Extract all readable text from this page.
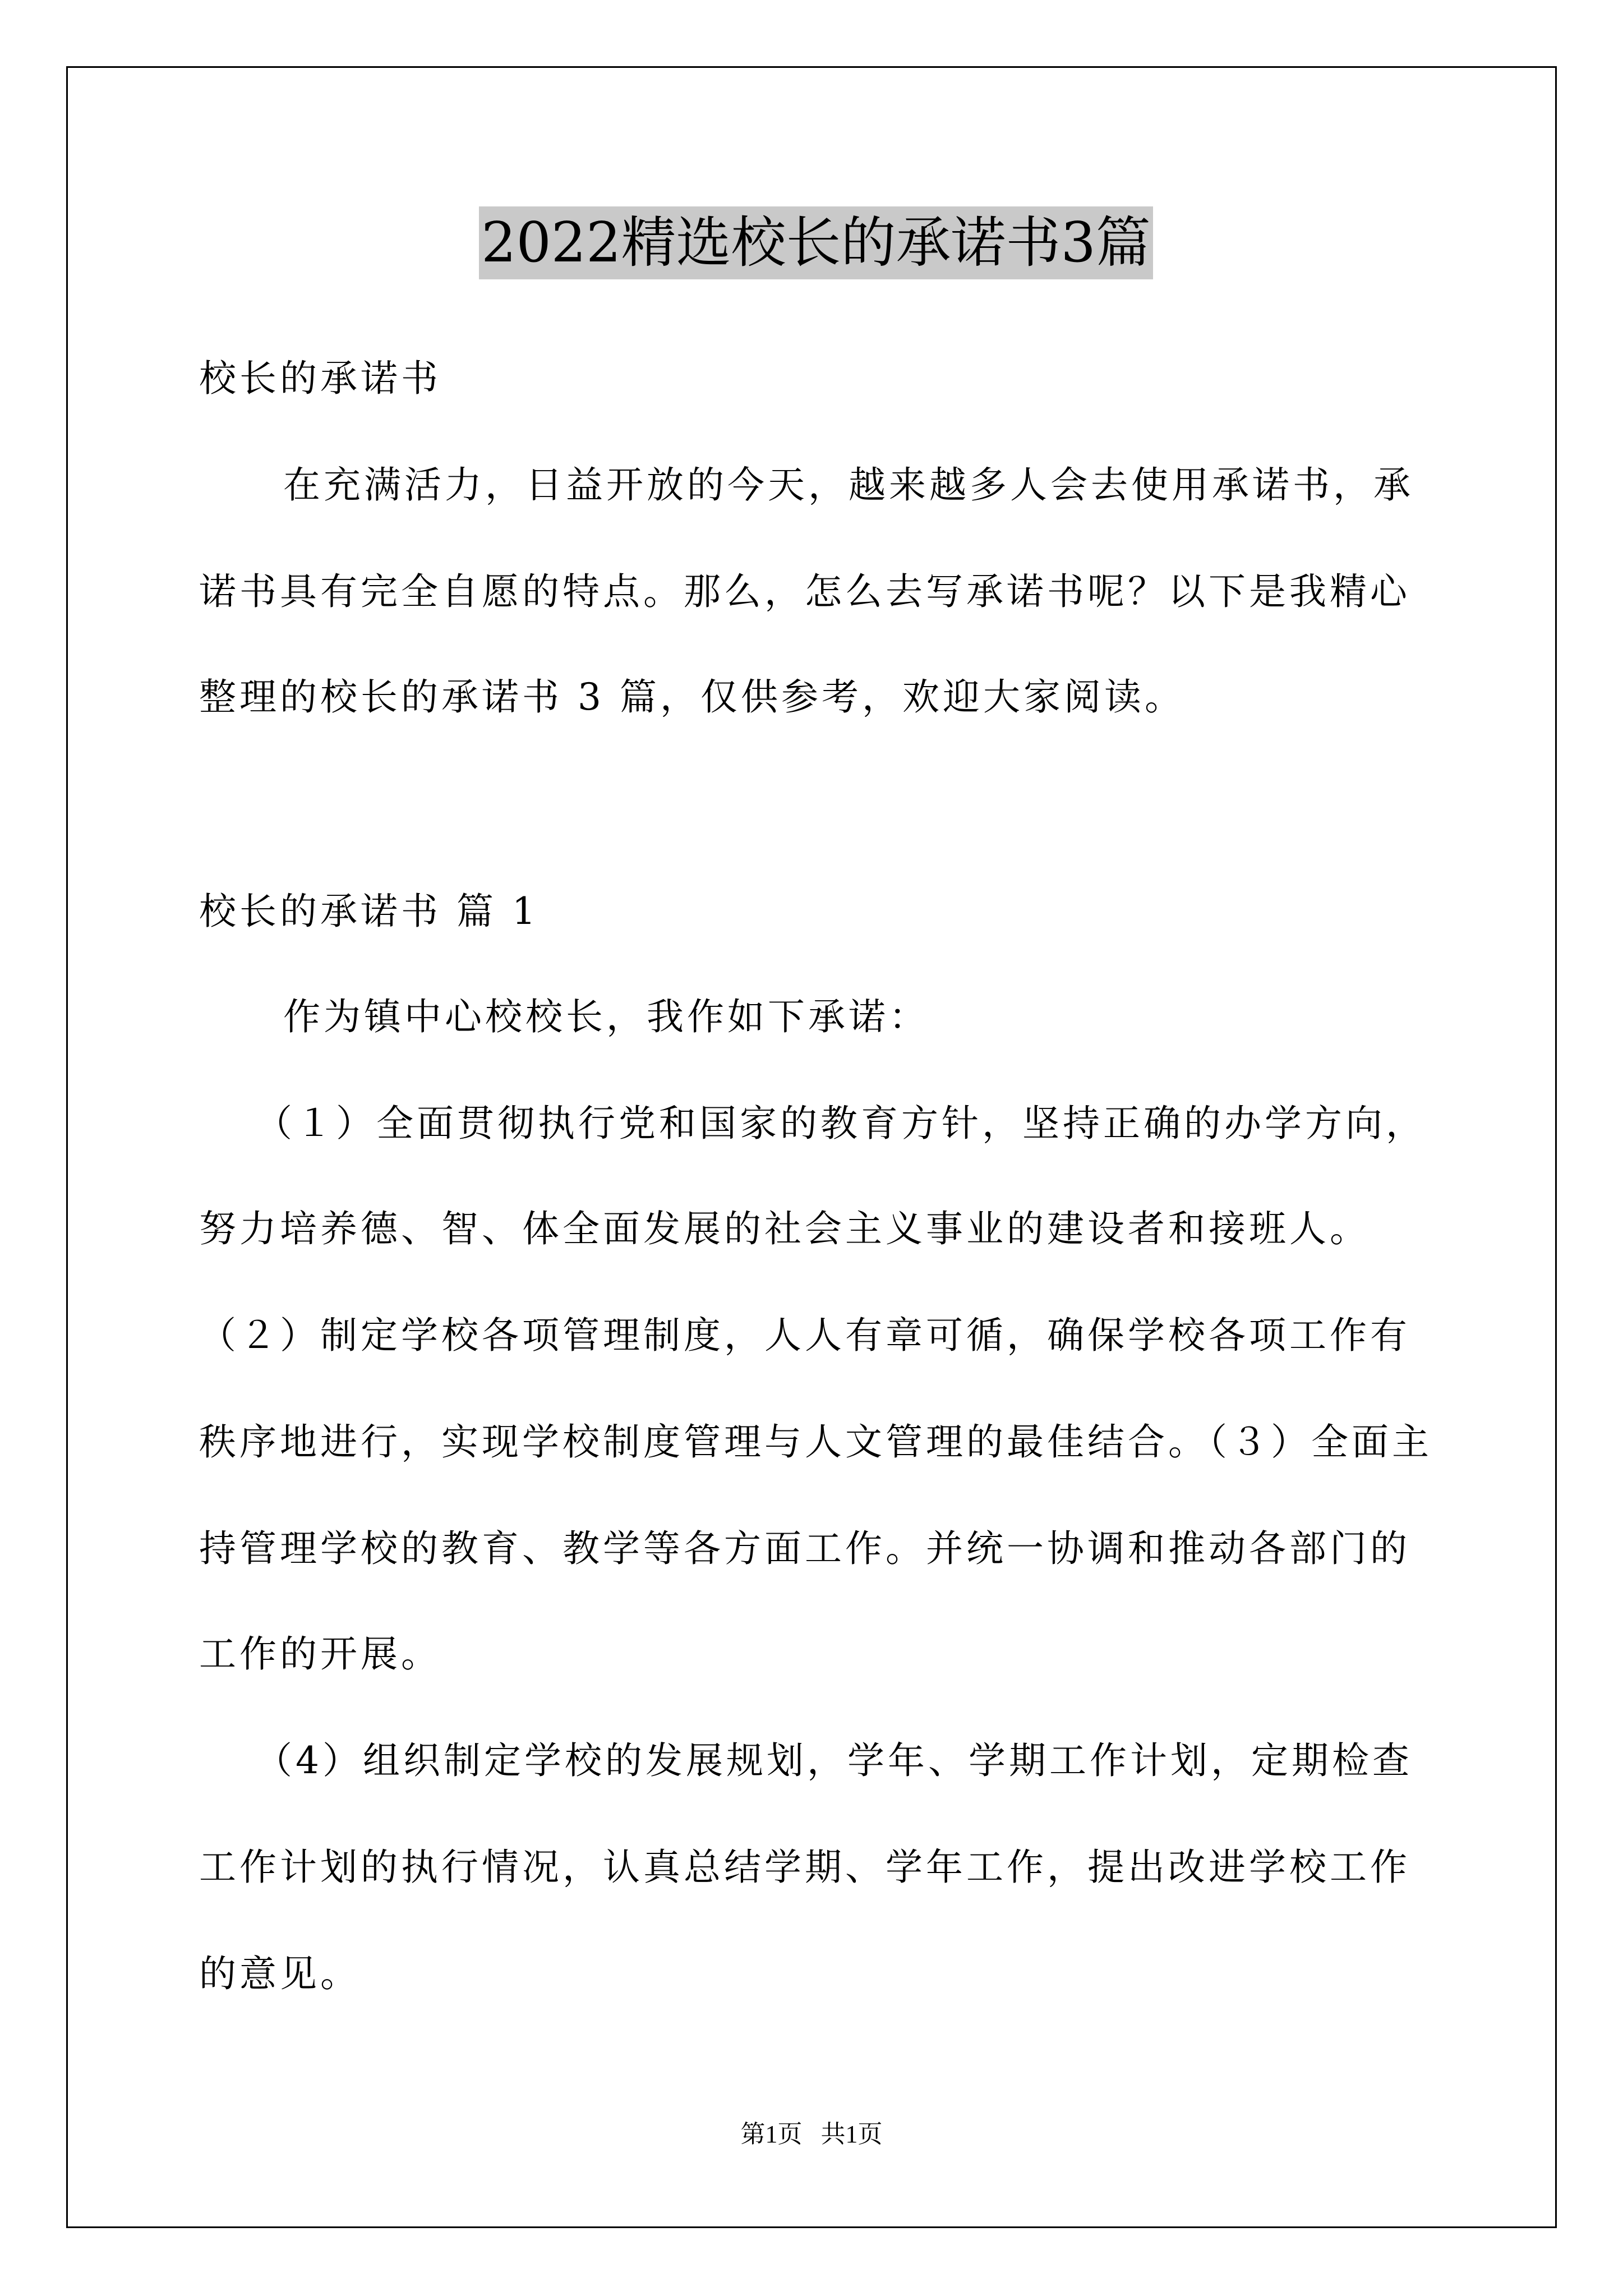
2022精选校长的承诺书3篇
校长的承诺书
在充满活力，日益开放的今天，越来越多人会去使用承诺书，承
诺书具有完全自愿的特点。那么，怎么去写承诺书呢？以下是我精心
整理的校长的承诺书 3 篇，仅供参考，欢迎大家阅读。
校长的承诺书 篇 1
作为镇中心校校长，我作如下承诺：
（１）全面贯彻执行党和国家的教育方针，坚持正确的办学方向，
努力培养德、智、体全面发展的社会主义事业的建设者和接班人。
（２）制定学校各项管理制度，人人有章可循，确保学校各项工作有
秩序地进行，实现学校制度管理与人文管理的最佳结合。（３）全面主
持管理学校的教育、教学等各方面工作。并统一协调和推动各部门的
工作的开展。
（4）组织制定学校的发展规划，学年、学期工作计划，定期检查
工作计划的执行情况，认真总结学期、学年工作，提出改进学校工作
的意见。
第1页   共1页
